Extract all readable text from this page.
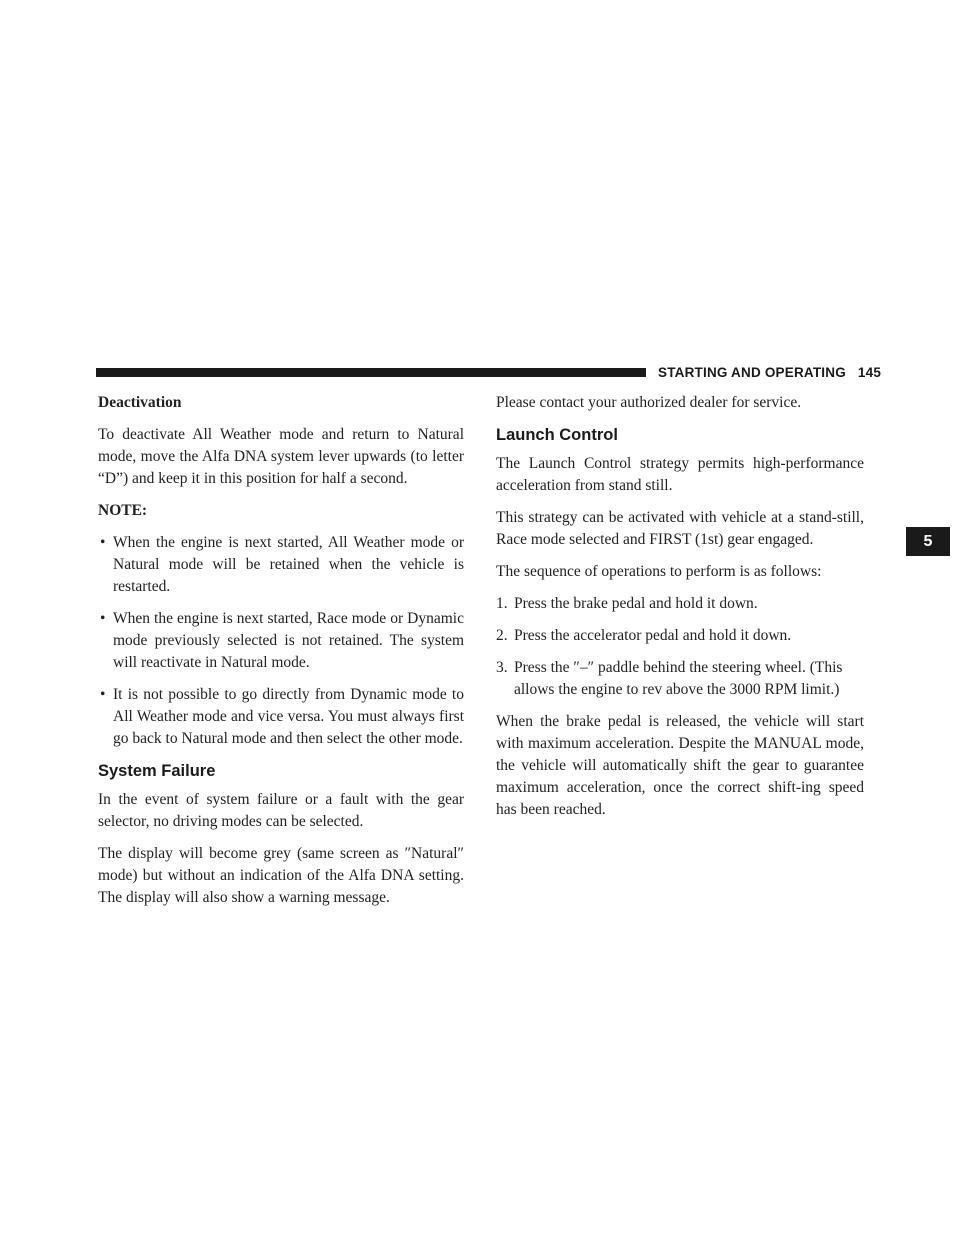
STARTING AND OPERATING 145
5

Deactivation

To deactivate All Weather mode and return to Natural mode, move the Alfa DNA system lever upwards (to letter “D”) and keep it in this position for half a second.

NOTE:

• When the engine is next started, All Weather mode or Natural mode will be retained when the vehicle is restarted.
• When the engine is next started, Race mode or Dynamic mode previously selected is not retained. The system will reactivate in Natural mode.
• It is not possible to go directly from Dynamic mode to All Weather mode and vice versa. You must always first go back to Natural mode and then select the other mode.
System Failure

In the event of system failure or a fault with the gear selector, no driving modes can be selected.

The display will become grey (same screen as ″Natural″ mode) but without an indication of the Alfa DNA setting. The display will also show a warning message.

Please contact your authorized dealer for service.

Launch Control

The Launch Control strategy permits high-performance acceleration from stand still.

This strategy can be activated with vehicle at a stand-still, Race mode selected and FIRST (1st) gear engaged.

The sequence of operations to perform is as follows:

1. Press the brake pedal and hold it down.
2. Press the accelerator pedal and hold it down.
3. Press the ″–″ paddle behind the steering wheel. (This allows the engine to rev above the 3000 RPM limit.)

When the brake pedal is released, the vehicle will start with maximum acceleration. Despite the MANUAL mode, the vehicle will automatically shift the gear to guarantee maximum acceleration, once the correct shift-ing speed has been reached.
